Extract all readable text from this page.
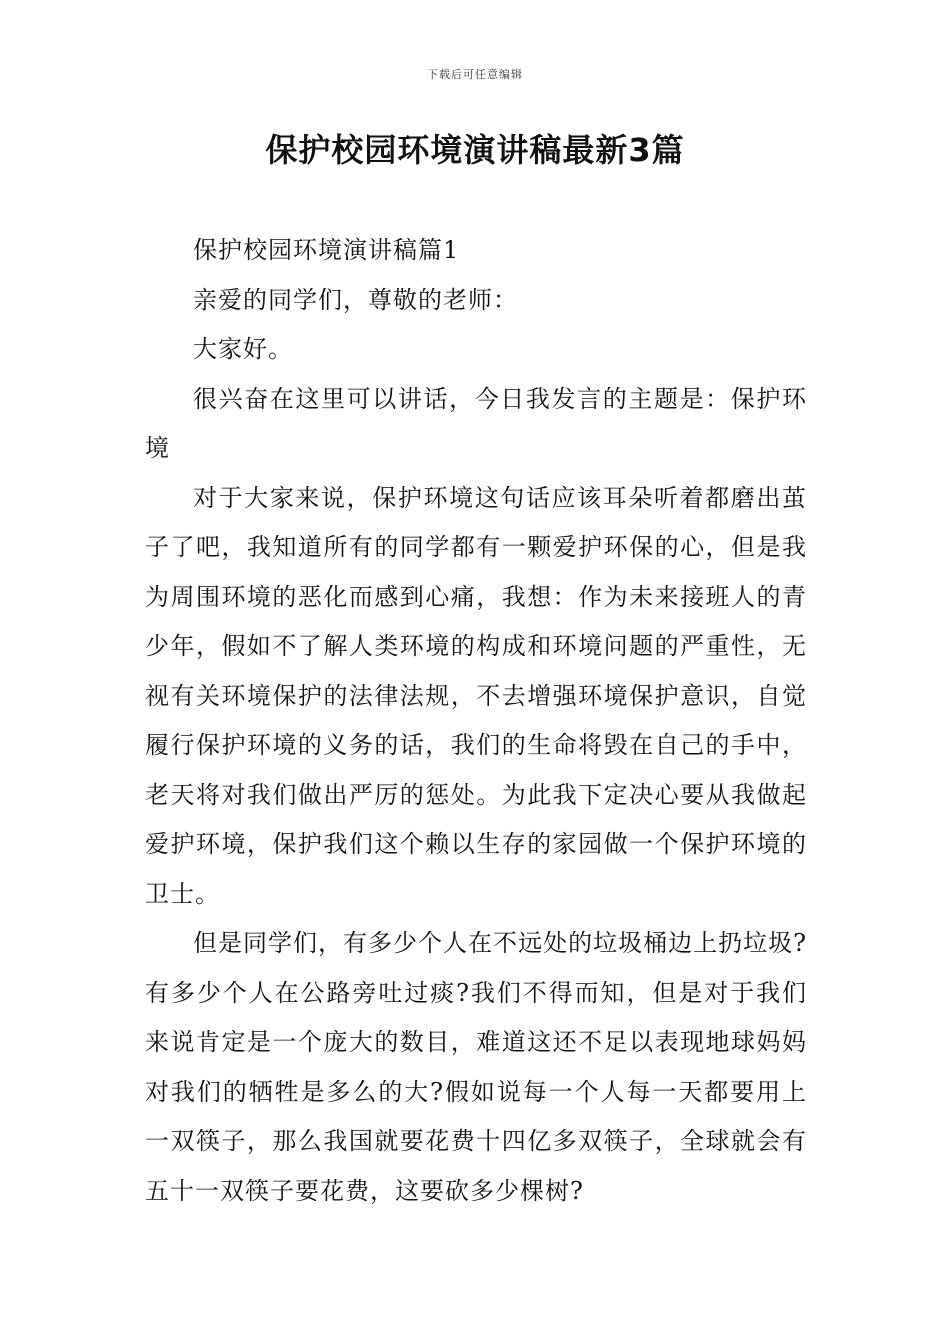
下载后可任意编辑
保护校园环境演讲稿最新3篇

保护校园环境演讲稿篇1

亲爱的同学们，尊敬的老师：

大家好。

很兴奋在这里可以讲话，今日我发言的主题是：保护环境

对于大家来说，保护环境这句话应该耳朵听着都磨出茧子了吧，我知道所有的同学都有一颗爱护环保的心，但是我为周围环境的恶化而感到心痛，我想：作为未来接班人的青少年，假如不了解人类环境的构成和环境问题的严重性，无视有关环境保护的法律法规，不去增强环境保护意识，自觉履行保护环境的义务的话，我们的生命将毁在自己的手中，老天将对我们做出严厉的惩处。为此我下定决心要从我做起爱护环境，保护我们这个赖以生存的家园做一个保护环境的卫士。

但是同学们，有多少个人在不远处的垃圾桶边上扔垃圾?有多少个人在公路旁吐过痰?我们不得而知，但是对于我们来说肯定是一个庞大的数目，难道这还不足以表现地球妈妈对我们的牺牲是多么的大?假如说每一个人每一天都要用上一双筷子，那么我国就要花费十四亿多双筷子，全球就会有五十一双筷子要花费，这要砍多少棵树?
